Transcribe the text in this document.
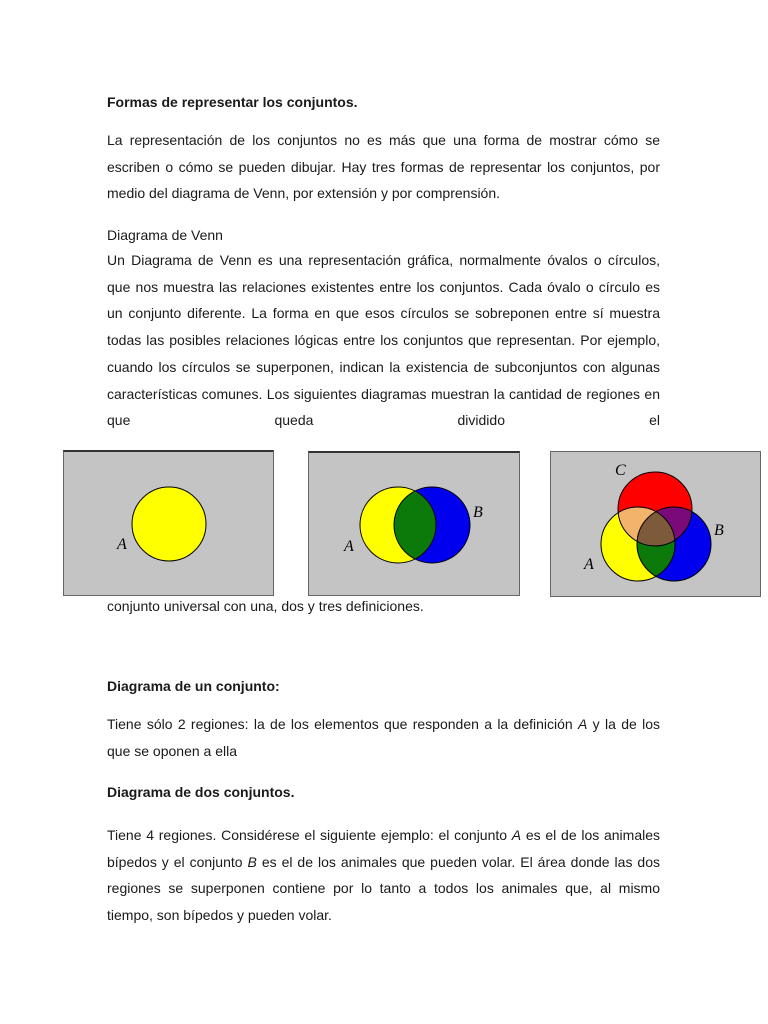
Formas de representar los conjuntos.

La representación de los conjuntos no es más que una forma de mostrar cómo se escriben o cómo se pueden dibujar. Hay tres formas de representar los conjuntos, por medio del diagrama de Venn, por extensión y por comprensión.

Diagrama de Venn

Un Diagrama de Venn es una representación gráfica, normalmente óvalos o círculos, que nos muestra las relaciones existentes entre los conjuntos. Cada óvalo o círculo es un conjunto diferente. La forma en que esos círculos se sobreponen entre sí muestra todas las posibles relaciones lógicas entre los conjuntos que representan. Por ejemplo, cuando los círculos se superponen, indican la existencia de subconjuntos con algunas características comunes. Los siguientes diagramas muestran la cantidad de regiones en que queda dividido el

A	A
B
A
B
C

conjunto universal con una, dos y tres definiciones.

Diagrama de un conjunto:

Tiene sólo 2 regiones: la de los elementos que responden a la definición A y la de los que se oponen a ella

Diagrama de dos conjuntos.

Tiene 4 regiones. Considérese el siguiente ejemplo: el conjunto A es el de los animales bípedos y el conjunto B es el de los animales que pueden volar. El área donde las dos regiones se superponen contiene por lo tanto a todos los animales que, al mismo tiempo, son bípedos y pueden volar.
